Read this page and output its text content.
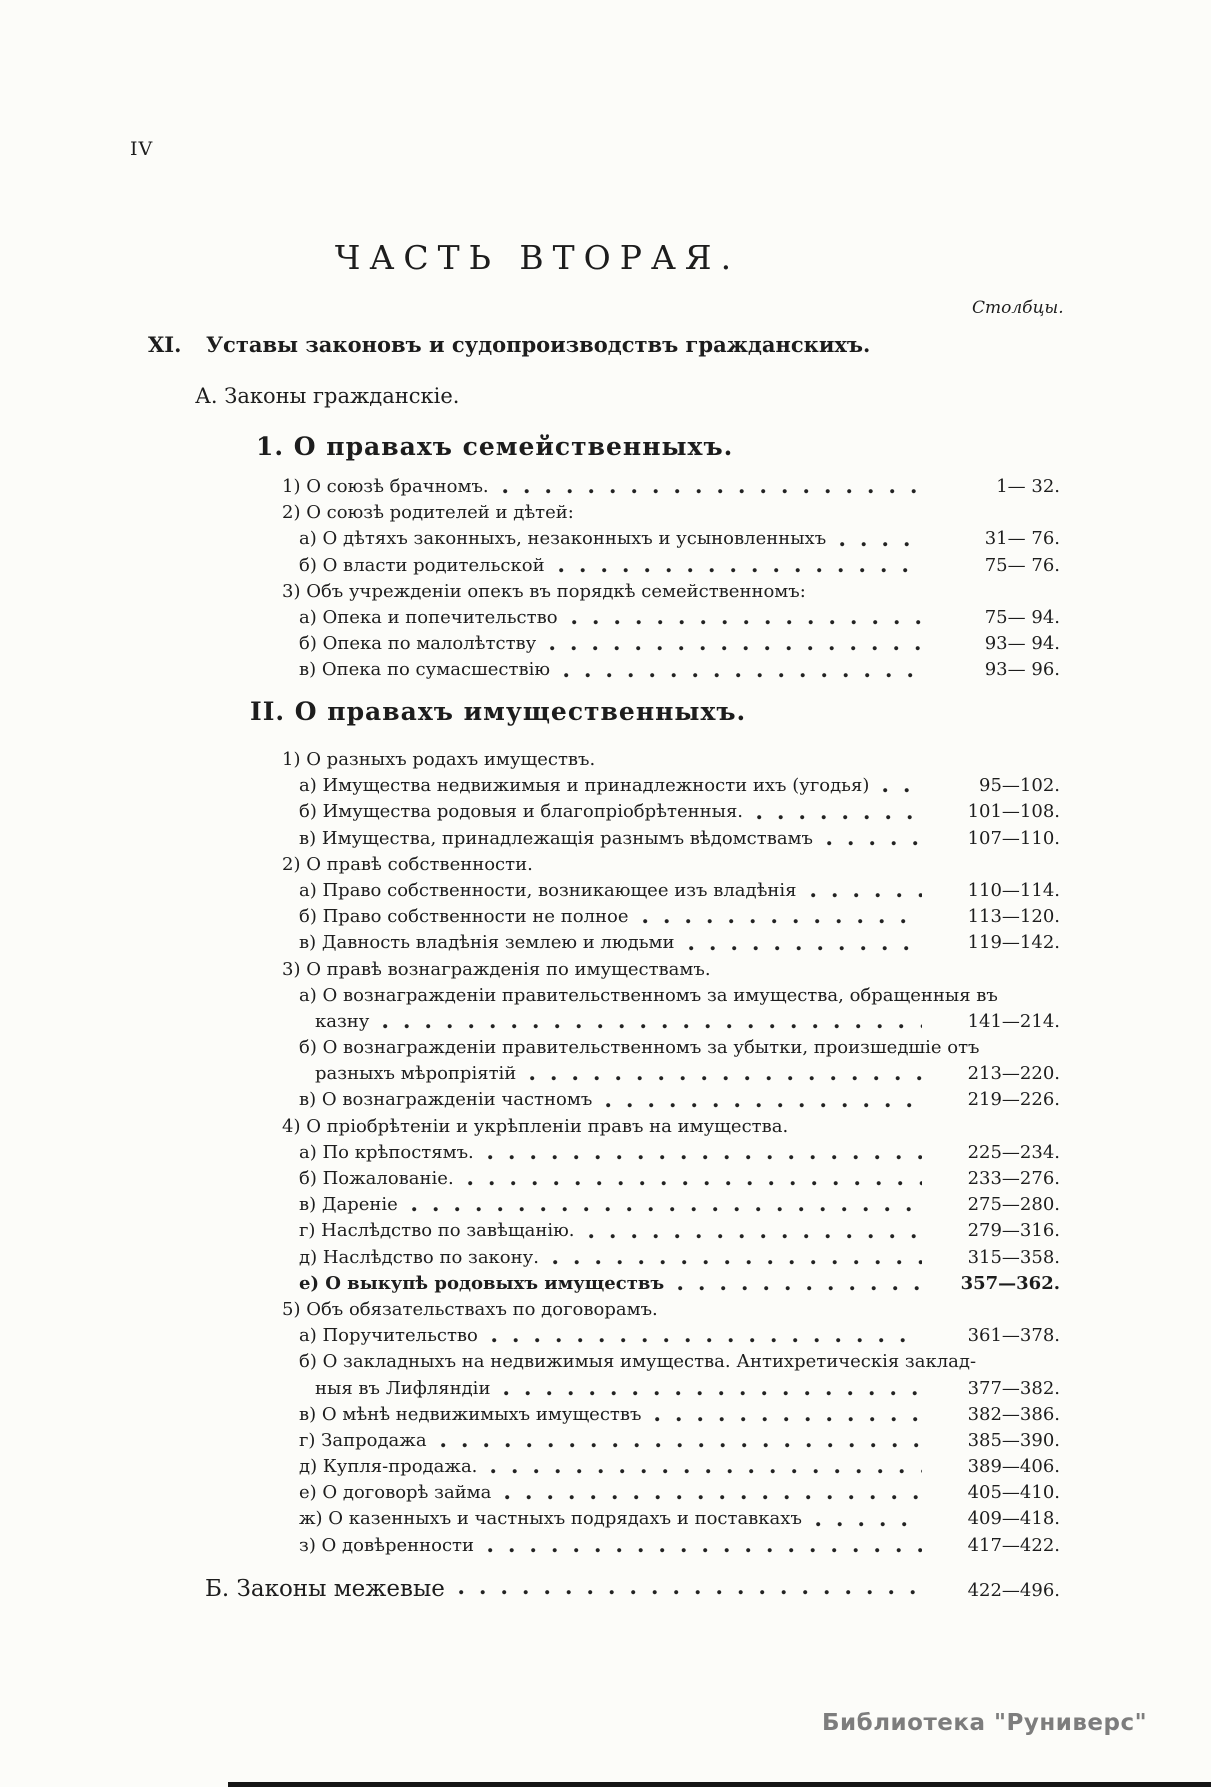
IV
ЧАСТЬ ВТОРАЯ.
Столбцы.
XI.	Уставы законовъ и судопроизводствъ гражданскихъ.
А. Законы гражданскіе.
1. О правахъ семейственныхъ.
1) О союзѣ брачномъ.	1— 32.
2) О союзѣ родителей и дѣтей:
а) О дѣтяхъ законныхъ, незаконныхъ и усыновленныхъ	31— 76.
б) О власти родительской	75— 76.
3) Объ учрежденіи опекъ въ порядкѣ семейственномъ:
а) Опека и попечительство	75— 94.
б) Опека по малолѣтству	93— 94.
в) Опека по сумасшествію	93— 96.
II. О правахъ имущественныхъ.
1) О разныхъ родахъ имуществъ.
а) Имущества недвижимыя и принадлежности ихъ (угодья)	95—102.
б) Имущества родовыя и благопріобрѣтенныя.	101—108.
в) Имущества, принадлежащія разнымъ вѣдомствамъ	107—110.
2) О правѣ собственности.
а) Право собственности, возникающее изъ владѣнія	110—114.
б) Право собственности не полное	113—120.
в) Давность владѣнія землею и людьми	119—142.
3) О правѣ вознагражденія по имуществамъ.
а) О вознагражденіи правительственномъ за имущества, обращенныя въ
казну	141—214.
б) О вознагражденіи правительственномъ за убытки, произшедшіе отъ
разныхъ мѣропріятій	213—220.
в) О вознагражденіи частномъ	219—226.
4) О пріобрѣтеніи и укрѣпленіи правъ на имущества.
а) По крѣпостямъ.	225—234.
б) Пожалованіе.	233—276.
в) Дареніе	275—280.
г) Наслѣдство по завѣщанію.	279—316.
д) Наслѣдство по закону.	315—358.
е) О выкупѣ родовыхъ имуществъ	357—362.
5) Объ обязательствахъ по договорамъ.
а) Поручительство	361—378.
б) О закладныхъ на недвижимыя имущества. Антихретическія заклад-
ныя въ Лифляндіи	377—382.
в) О мѣнѣ недвижимыхъ имуществъ	382—386.
г) Запродажа	385—390.
д) Купля-продажа.	389—406.
е) О договорѣ займа	405—410.
ж) О казенныхъ и частныхъ подрядахъ и поставкахъ	409—418.
з) О довѣренности	417—422.
Б. Законы межевые	422—496.
Библиотека "Руниверс"
